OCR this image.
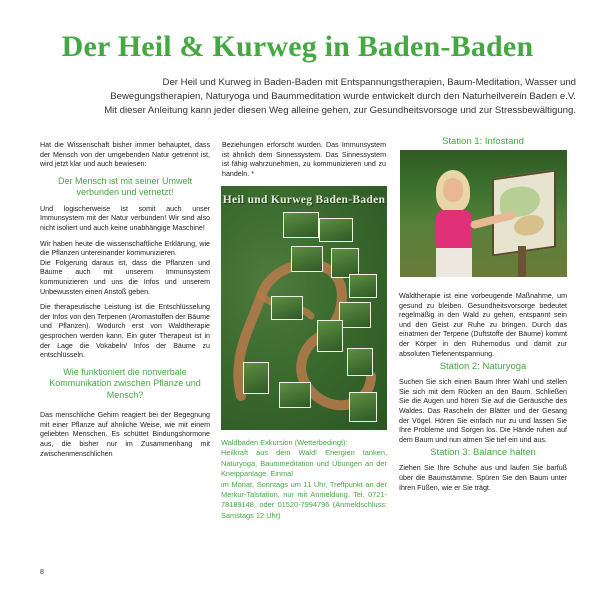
Der Heil & Kurweg in Baden-Baden
Der Heil und Kurweg in Baden-Baden mit Entspannungstherapien, Baum-Meditation, Wasser und
Bewegungstherapien, Naturyoga und Baummeditation wurde entwickelt durch den Naturheilverein Baden e.V.
Mit dieser Anleitung kann jeder diesen Weg alleine gehen, zur Gesundheitsvorsoge und zur Stressbewältigung.

Hat die Wissenschaft bisher immer behauptet, dass der Mensch von der umgebenden Natur getrennt ist, wird jetzt klar und auch bewiesen:

Der Mensch ist mit seiner Umwelt verbunden und vernetzt!

Und logischerweise ist somit auch unser Immunsystem mit der Natur verbunden! Wir sind also nicht isoliert und auch keine unabhängige Maschine!

Wir haben heute die wissenschaftliche Erklärung, wie die Pflanzen untereinander kommunizieren.

Die Folgerung daraus ist, dass die Pflanzen und Bäume auch mit unserem Immunsystem kommunizieren und uns die Infos und unserem Unbewussten einen Anstoß geben.

Die therapeutische Leistung ist die Entschlüsselung der Infos von den Terpenen (Aromastoffen der Bäume und Pflanzen). Wodurch erst von Waldtherapie gesprochen werden kann. Ein guter Therapeut ist in der Lage die Vokabeln/ Infos der Bäume zu entschlüsseln.

Wie funktioniert die nonverbale Kommunikation zwischen Pflanze und Mensch?

Das menschliche Gehirn reagiert bei der Begegnung mit einer Pflanze auf ähnliche Weise, wie mit einem geliebten Menschen. Es schüttet Bindungshormone aus, die bisher nur im Zusammenhang mit zwischenmenschlichen

Beziehungen erforscht wurden. Das Immunsystem ist ähnlich dem Sinnessystem. Das Sinnessystem ist fähig wahrzunehmen, zu kommunizieren und zu handeln. *

Heil und Kurweg Baden-Baden
Waldbaden Exkursion (Wetterbedingt):
Heilkraft aus dem Wald! Energien tanken, Naturyoga, Baummeditation und Übungen an der Kneippanlage. Einmal
im Monat, Sonntags um 11 Uhr, Treffpunkt an der Merkur-Talstation, nur mit Anmeldung. Tel. 0721-78189148, oder 01520-7994796 (Anmeldschluss: Samstags 12 Uhr)
Station 1: Infostand

Waldtherapie ist eine vorbeugende Maßnahme, um gesund zu bleiben. Gesundheitsvorsorge bedeutet regelmäßig in den Wald zu gehen, entspannt sein und den Geist zur Ruhe zu bringen. Durch das einatmen der Terpene (Duftstoffe der Bäume) kommt der Körper in den Ruhemodus und damit zur absoluten Tiefenentspannung.

Station 2: Naturyoga

Suchen Sie sich einen Baum Ihrer Wahl und stellen Sie sich mit dem Rücken an den Baum. Schließen Sie die Augen und hören Sie auf die Geräusche des Waldes. Das Rascheln der Blätter und der Gesang der Vögel. Hören Sie einfach nur zu und lassen Sie Ihre Probleme und Sorgen los. Die Hände ruhen auf dem Baum und nun atmen Sie tief ein und aus.

Station 3: Balance halten

Ziehen Sie Ihre Schuhe aus und laufen Sie barfuß über die Baumstämme. Spüren Sie den Baum unter Ihren Füßen, wie er Sie trägt.

8
